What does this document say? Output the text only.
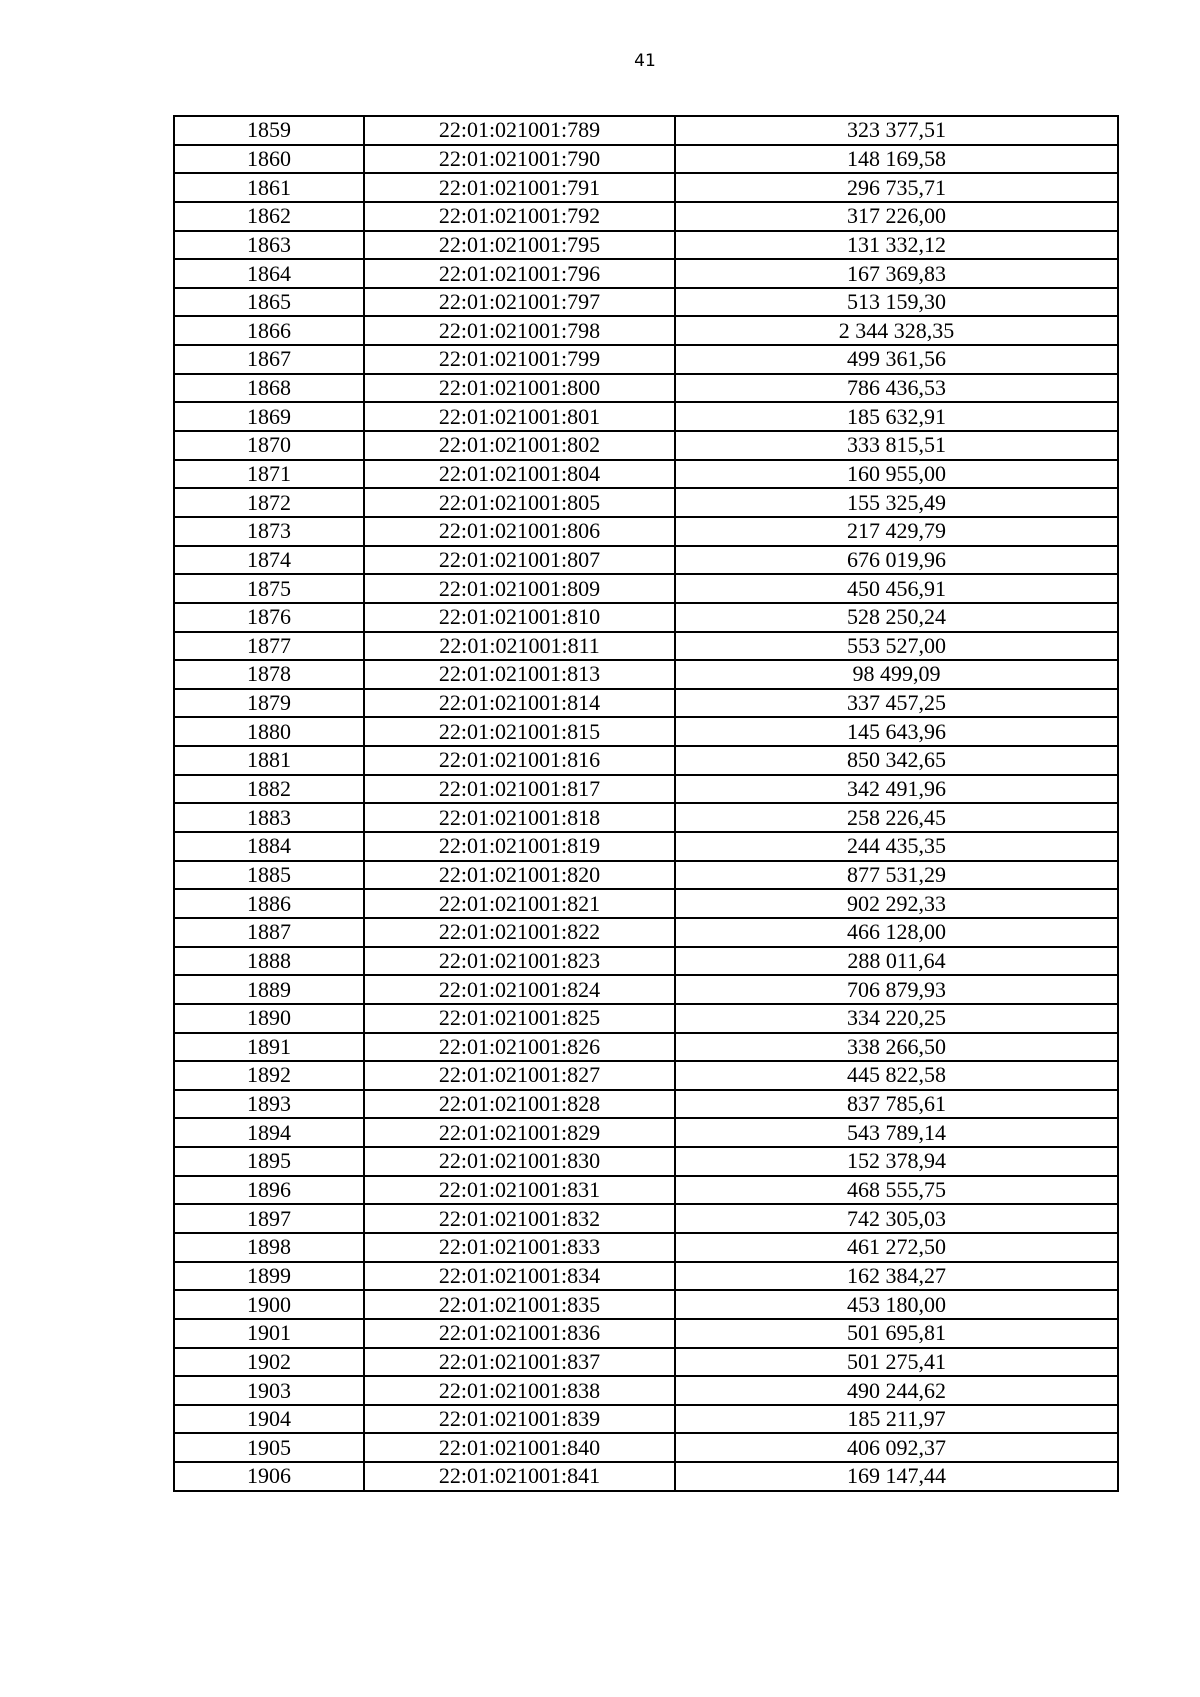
41
1859	22:01:021001:789	323 377,51
1860	22:01:021001:790	148 169,58
1861	22:01:021001:791	296 735,71
1862	22:01:021001:792	317 226,00
1863	22:01:021001:795	131 332,12
1864	22:01:021001:796	167 369,83
1865	22:01:021001:797	513 159,30
1866	22:01:021001:798	2 344 328,35
1867	22:01:021001:799	499 361,56
1868	22:01:021001:800	786 436,53
1869	22:01:021001:801	185 632,91
1870	22:01:021001:802	333 815,51
1871	22:01:021001:804	160 955,00
1872	22:01:021001:805	155 325,49
1873	22:01:021001:806	217 429,79
1874	22:01:021001:807	676 019,96
1875	22:01:021001:809	450 456,91
1876	22:01:021001:810	528 250,24
1877	22:01:021001:811	553 527,00
1878	22:01:021001:813	98 499,09
1879	22:01:021001:814	337 457,25
1880	22:01:021001:815	145 643,96
1881	22:01:021001:816	850 342,65
1882	22:01:021001:817	342 491,96
1883	22:01:021001:818	258 226,45
1884	22:01:021001:819	244 435,35
1885	22:01:021001:820	877 531,29
1886	22:01:021001:821	902 292,33
1887	22:01:021001:822	466 128,00
1888	22:01:021001:823	288 011,64
1889	22:01:021001:824	706 879,93
1890	22:01:021001:825	334 220,25
1891	22:01:021001:826	338 266,50
1892	22:01:021001:827	445 822,58
1893	22:01:021001:828	837 785,61
1894	22:01:021001:829	543 789,14
1895	22:01:021001:830	152 378,94
1896	22:01:021001:831	468 555,75
1897	22:01:021001:832	742 305,03
1898	22:01:021001:833	461 272,50
1899	22:01:021001:834	162 384,27
1900	22:01:021001:835	453 180,00
1901	22:01:021001:836	501 695,81
1902	22:01:021001:837	501 275,41
1903	22:01:021001:838	490 244,62
1904	22:01:021001:839	185 211,97
1905	22:01:021001:840	406 092,37
1906	22:01:021001:841	169 147,44
